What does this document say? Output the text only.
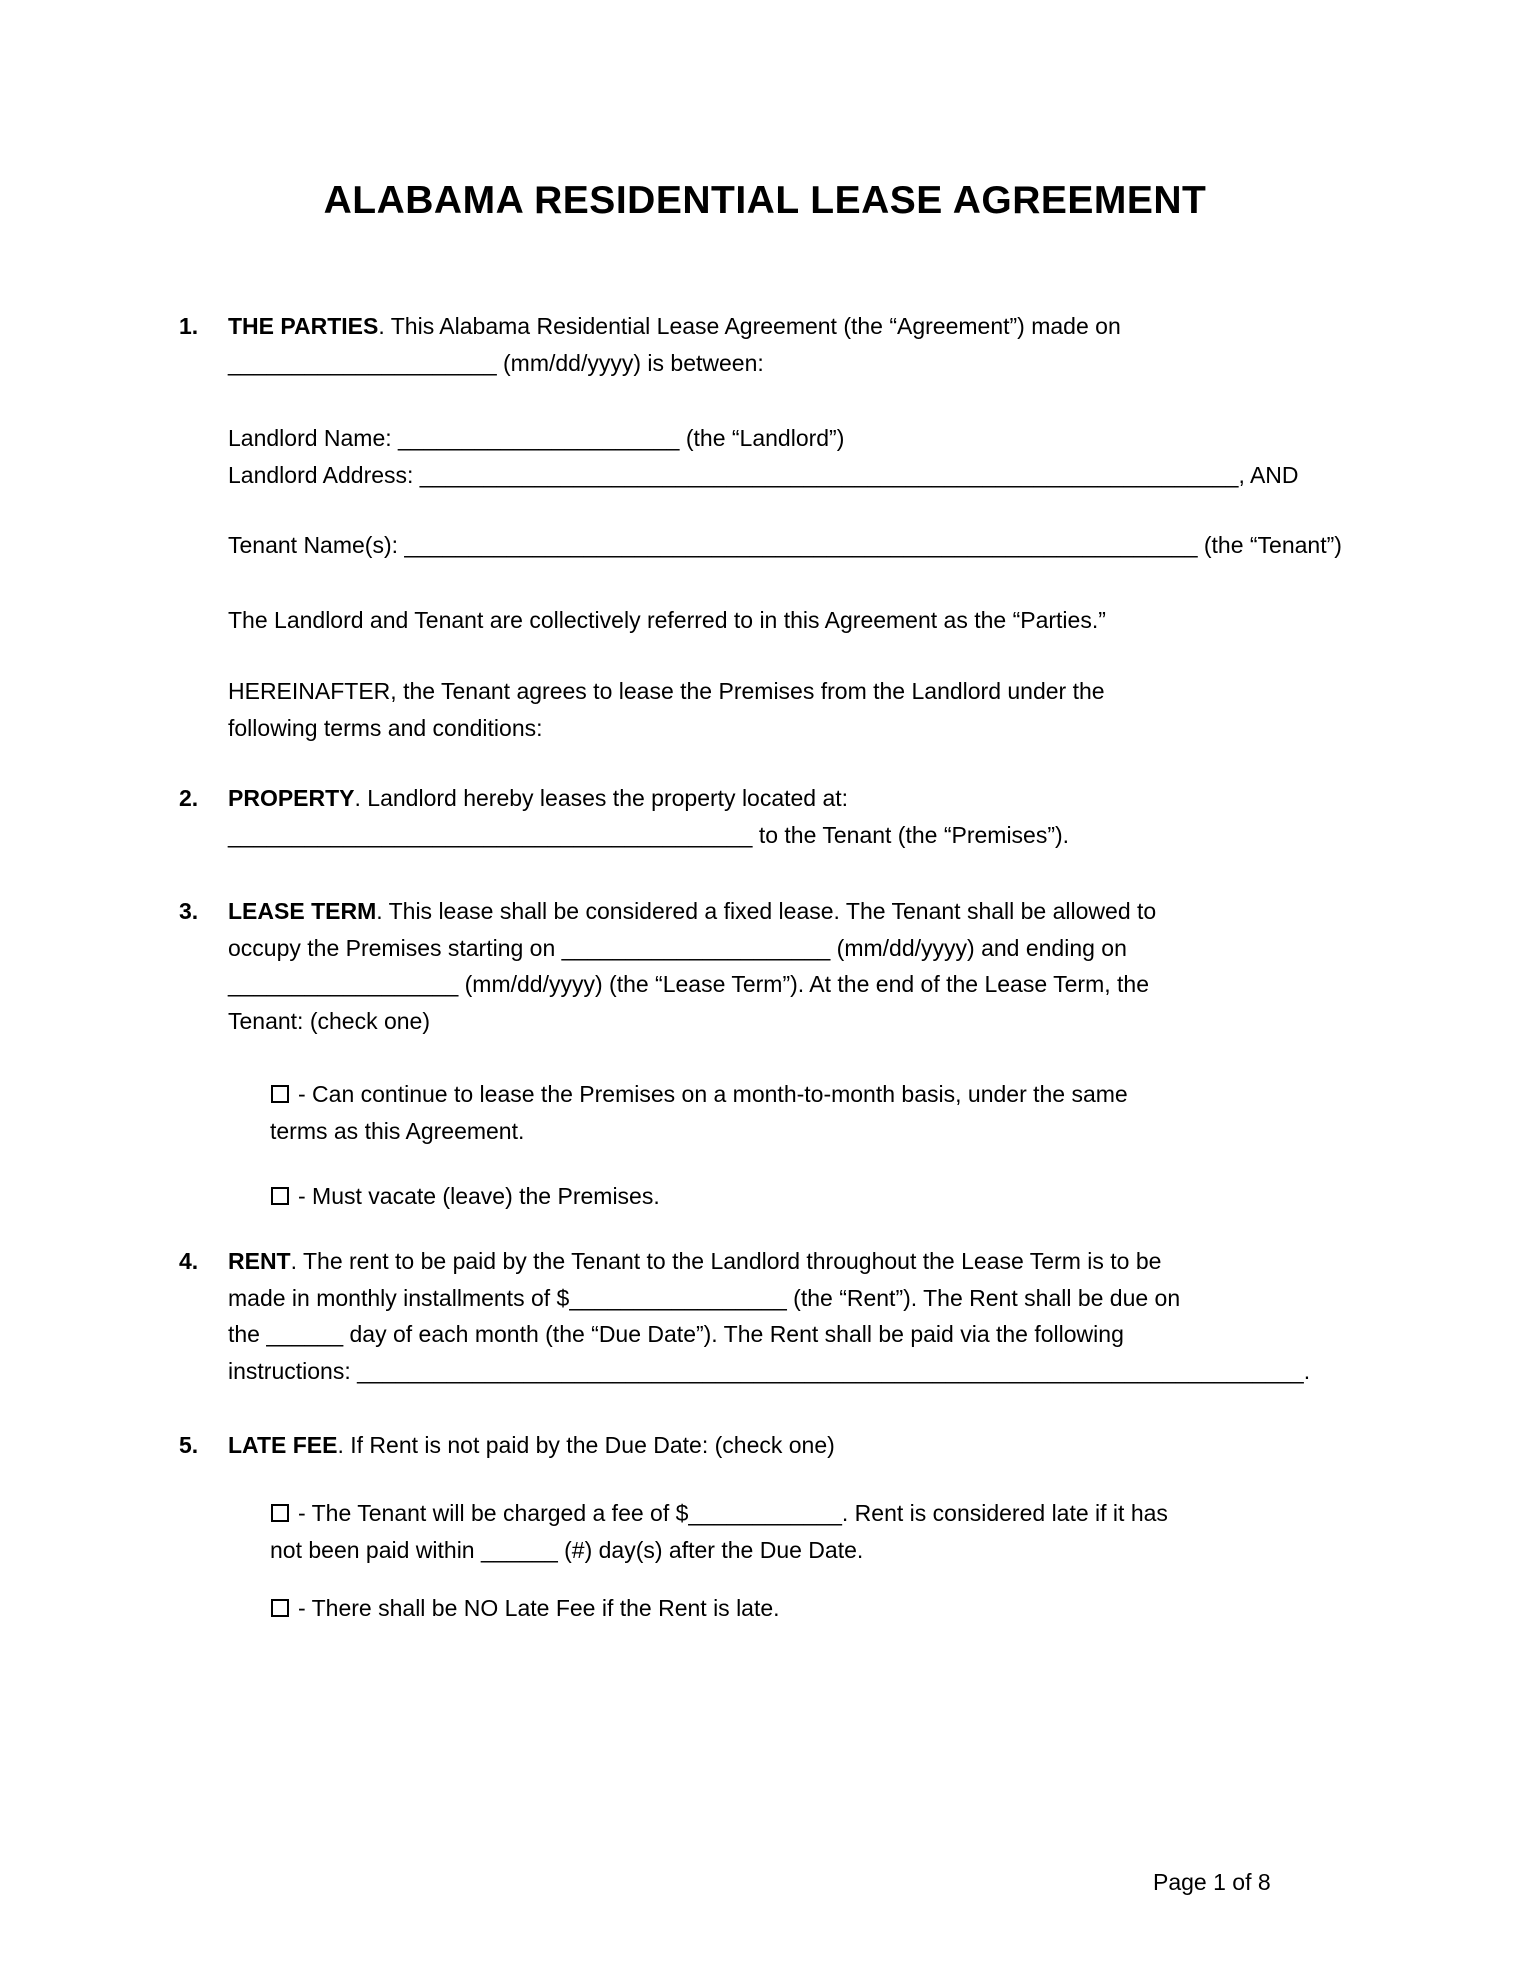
ALABAMA RESIDENTIAL LEASE AGREEMENT
1. THE PARTIES. This Alabama Residential Lease Agreement (the “Agreement”) made on
_____________________ (mm/dd/yyyy) is between:
Landlord Name: ______________________ (the “Landlord”)
Landlord Address: ________________________________________________________________, AND
Tenant Name(s): ______________________________________________________________ (the “Tenant”)
The Landlord and Tenant are collectively referred to in this Agreement as the “Parties.”
HEREINAFTER, the Tenant agrees to lease the Premises from the Landlord under the
following terms and conditions:
2. PROPERTY. Landlord hereby leases the property located at:
_________________________________________ to the Tenant (the “Premises”).
3. LEASE TERM. This lease shall be considered a fixed lease. The Tenant shall be allowed to
occupy the Premises starting on _____________________ (mm/dd/yyyy) and ending on
__________________ (mm/dd/yyyy) (the “Lease Term”). At the end of the Lease Term, the
Tenant: (check one)
- Can continue to lease the Premises on a month-to-month basis, under the same
terms as this Agreement.
- Must vacate (leave) the Premises.
4. RENT. The rent to be paid by the Tenant to the Landlord throughout the Lease Term is to be
made in monthly installments of $_________________ (the “Rent”). The Rent shall be due on
the ______ day of each month (the “Due Date”). The Rent shall be paid via the following
instructions: __________________________________________________________________________.
5. LATE FEE. If Rent is not paid by the Due Date: (check one)
- The Tenant will be charged a fee of $____________. Rent is considered late if it has
not been paid within ______ (#) day(s) after the Due Date.
- There shall be NO Late Fee if the Rent is late.
Page 1 of 8
